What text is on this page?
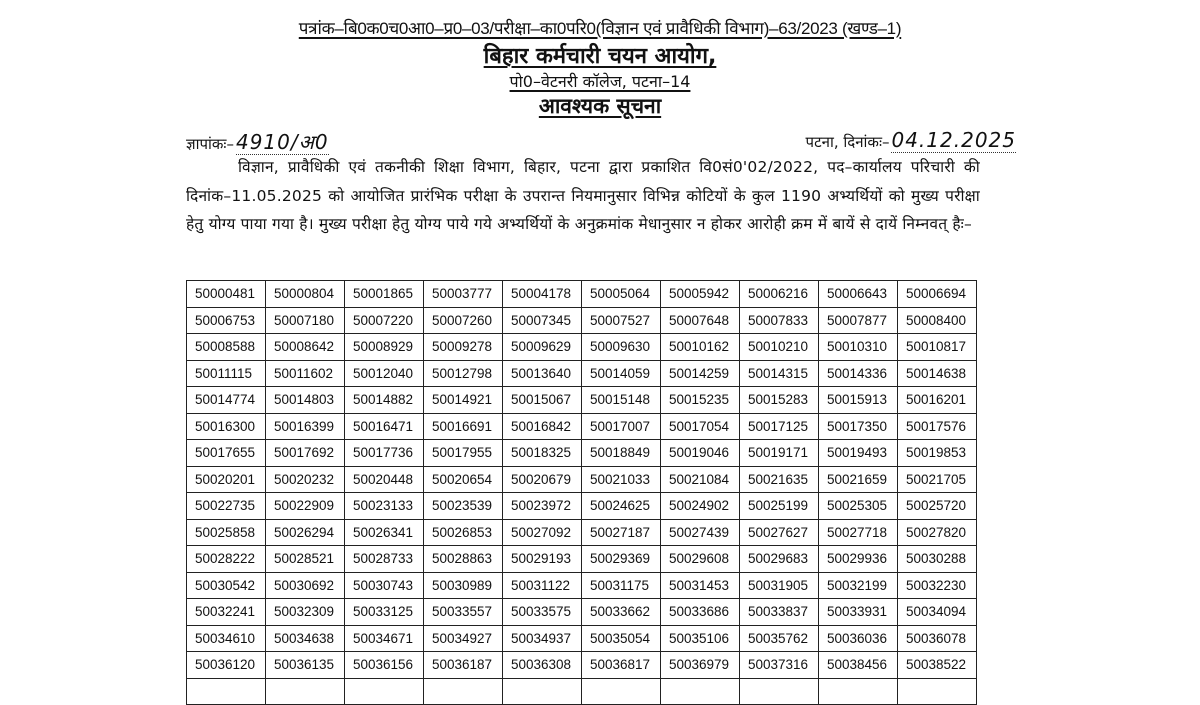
पत्रांक–बि0क0च0आ0–प्र0–03/परीक्षा–का0परि0(विज्ञान एवं प्रावैधिकी विभाग)–63/2023 (खण्ड–1)
बिहार कर्मचारी चयन आयोग,
पो0–वेटनरी कॉलेज, पटना–14
आवश्यक सूचना
ज्ञापांकः– 4910/अ0	पटना, दिनांकः– 04.12.2025
विज्ञान, प्रावैधिकी एवं तकनीकी शिक्षा विभाग, बिहार, पटना द्वारा प्रकाशित वि0सं0'02/2022, पद–कार्यालय परिचारी की दिनांक–11.05.2025 को आयोजित प्रारंभिक परीक्षा के उपरान्त नियमानुसार विभिन्न कोटियों के कुल 1190 अभ्यर्थियों को मुख्य परीक्षा हेतु योग्य पाया गया है। मुख्य परीक्षा हेतु योग्य पाये गये अभ्यर्थियों के अनुक्रमांक मेधानुसार न होकर आरोही क्रम में बायें से दायें निम्नवत् हैः–
50000481	50000804	50001865	50003777	50004178	50005064	50005942	50006216	50006643	50006694
50006753	50007180	50007220	50007260	50007345	50007527	50007648	50007833	50007877	50008400
50008588	50008642	50008929	50009278	50009629	50009630	50010162	50010210	50010310	50010817
50011115	50011602	50012040	50012798	50013640	50014059	50014259	50014315	50014336	50014638
50014774	50014803	50014882	50014921	50015067	50015148	50015235	50015283	50015913	50016201
50016300	50016399	50016471	50016691	50016842	50017007	50017054	50017125	50017350	50017576
50017655	50017692	50017736	50017955	50018325	50018849	50019046	50019171	50019493	50019853
50020201	50020232	50020448	50020654	50020679	50021033	50021084	50021635	50021659	50021705
50022735	50022909	50023133	50023539	50023972	50024625	50024902	50025199	50025305	50025720
50025858	50026294	50026341	50026853	50027092	50027187	50027439	50027627	50027718	50027820
50028222	50028521	50028733	50028863	50029193	50029369	50029608	50029683	50029936	50030288
50030542	50030692	50030743	50030989	50031122	50031175	50031453	50031905	50032199	50032230
50032241	50032309	50033125	50033557	50033575	50033662	50033686	50033837	50033931	50034094
50034610	50034638	50034671	50034927	50034937	50035054	50035106	50035762	50036036	50036078
50036120	50036135	50036156	50036187	50036308	50036817	50036979	50037316	50038456	50038522
